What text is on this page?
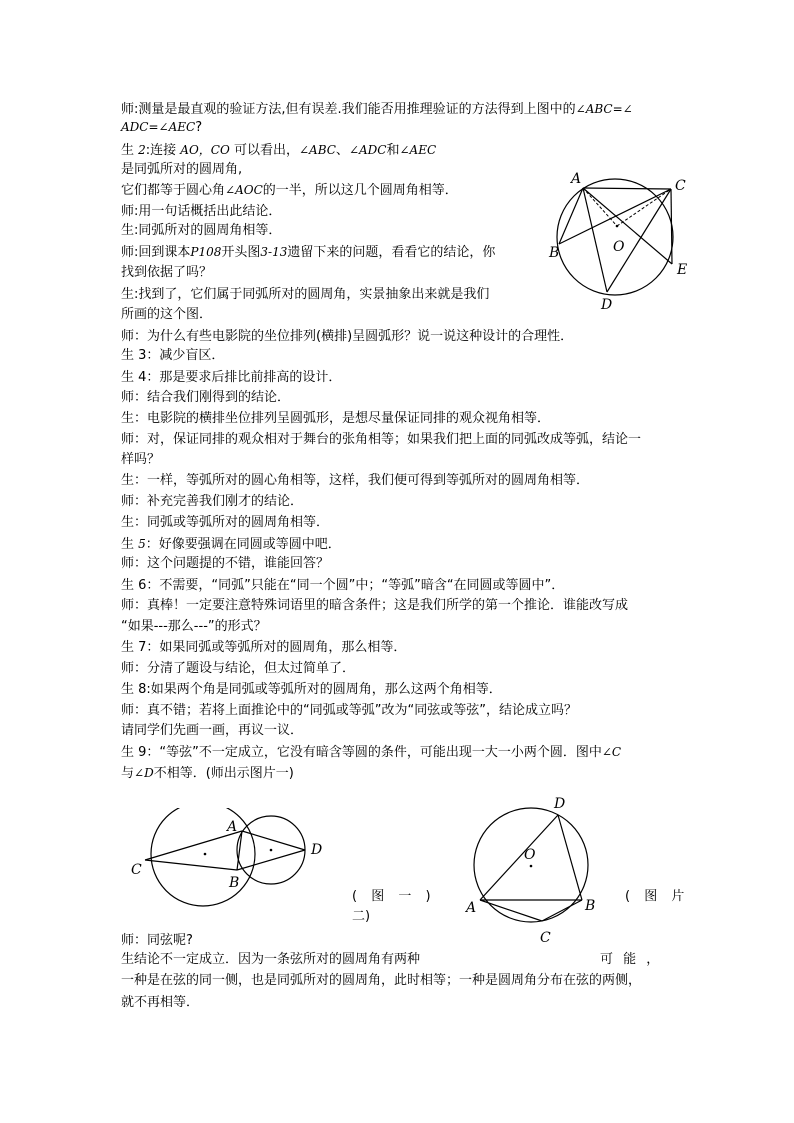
师:测量是最直观的验证方法,但有误差.我们能否用推理验证的方法得到上图中的∠ABC=∠
ADC=∠AEC?
生 2:连接 AO，CO 可以看出，∠ABC、∠ADC和∠AEC
是同弧所对的圆周角,
它们都等于圆心角∠AOC的一半，所以这几个圆周角相等．
师:用一句话概括出此结论．
生:同弧所对的圆周角相等．
师:回到课本P108开头图3-13遗留下来的问题，看看它的结论，你
找到依据了吗？
生:找到了，它们属于同弧所对的圆周角，实景抽象出来就是我们
所画的这个图．
师：为什么有些电影院的坐位排列(横排)呈圆弧形？说一说这种设计的合理性．
生 3：减少盲区．
生 4：那是要求后排比前排高的设计．
师：结合我们刚得到的结论．
生：电影院的横排坐位排列呈圆弧形，是想尽量保证同排的观众视角相等．
师：对，保证同排的观众相对于舞台的张角相等；如果我们把上面的同弧改成等弧，结论一
样吗？
生：一样，等弧所对的圆心角相等，这样，我们便可得到等弧所对的圆周角相等．
师：补充完善我们刚才的结论．
生：同弧或等弧所对的圆周角相等．
生 5：好像要强调在同圆或等圆中吧．
师：这个问题提的不错，谁能回答？
生 6：不需要，“同弧”只能在“同一个圆”中；“等弧”暗含“在同圆或等圆中”．
师：真棒！一定要注意特殊词语里的暗含条件；这是我们所学的第一个推论．谁能改写成
“如果---那么---”的形式？
生 7：如果同弧或等弧所对的圆周角，那么相等．
师：分清了题设与结论，但太过简单了．
生 8:如果两个角是同弧或等弧所对的圆周角，那么这两个角相等．
师：真不错；若将上面推论中的“同弧或等弧”改为“同弦或等弦”，结论成立吗？
请同学们先画一画，再议一议．
生 9：“等弦”不一定成立，它没有暗含等圆的条件，可能出现一大一小两个圆．图中∠C
与∠D不相等．(师出示图片一)
师：同弦呢?
生结论不一定成立．因为一条弦所对的圆周角有两种	可 能 ，
一种是在弦的同一侧，也是同弧所对的圆周角，此时相等；一种是圆周角分布在弦的两侧，
就不再相等．
A	C
B	O
E
D
A
C
B
D
D
O
A	B
C
( 图 一 )	( 图 片
二)
